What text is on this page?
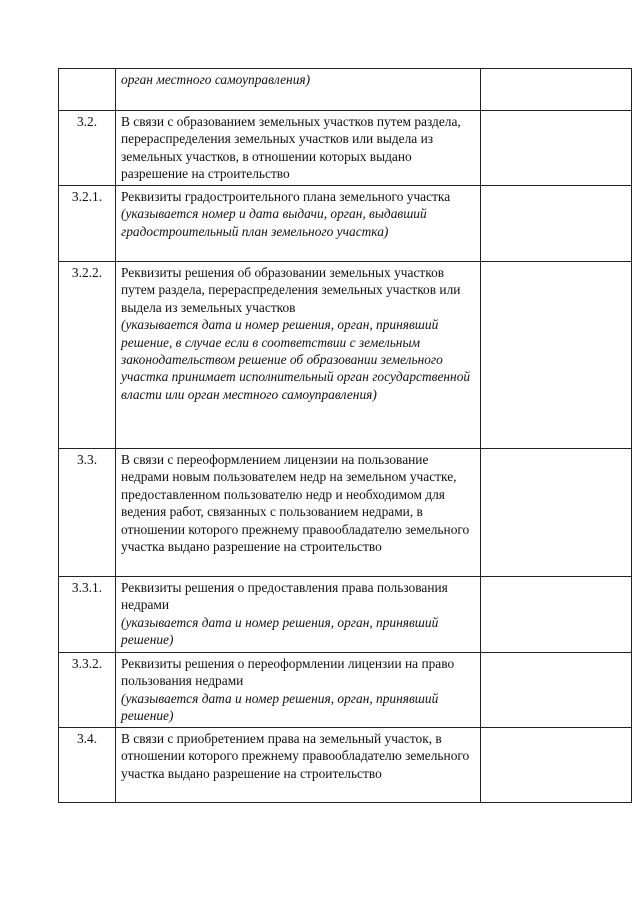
	орган местного самоуправления)	

3.2.	В связи с образованием земельных участков путем раздела, перераспределения земельных участков или выдела из земельных участков, в отношении которых выдано разрешение на строительство	

3.2.1.	Реквизиты градостроительного плана земельного участка
(указывается номер и дата выдачи, орган, выдавший градостроительный план земельного участка)	

3.2.2.	Реквизиты решения об образовании земельных участков путем раздела, перераспределения земельных участков или выдела из земельных участков
(указывается дата и номер решения, орган, принявший решение, в случае если в соответствии с земельным законодательством решение об образовании земельного участка принимает исполнительный орган государственной власти или орган местного самоуправления)	

3.3.	В связи с переоформлением лицензии на пользование недрами новым пользователем недр на земельном участке, предоставленном пользователю недр и необходимом для ведения работ, связанных с пользованием недрами, в отношении которого прежнему правообладателю земельного участка выдано разрешение на строительство	

3.3.1.	Реквизиты решения о предоставления права пользования недрами
(указывается дата и номер решения, орган, принявший решение)	

3.3.2.	Реквизиты решения о переоформлении лицензии на право пользования недрами
(указывается дата и номер решения, орган, принявший решение)	

3.4.	В связи с приобретением права на земельный участок, в отношении которого прежнему правообладателю земельного участка выдано разрешение на строительство	
